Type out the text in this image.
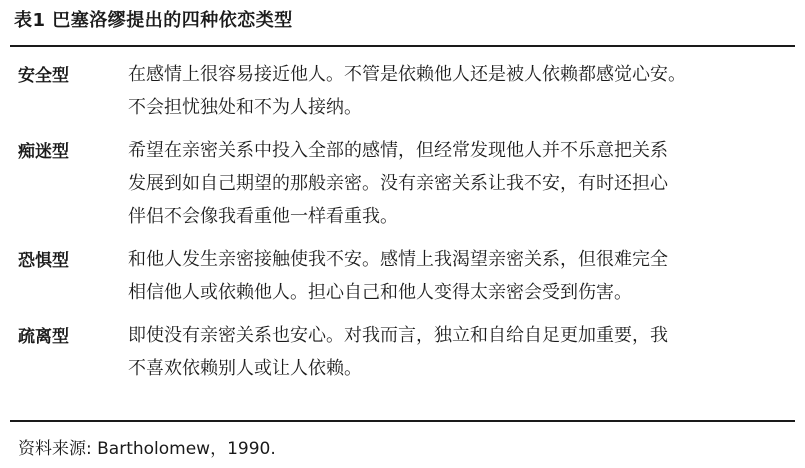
表1 巴塞洛缪提出的四种依恋类型
安全型	在感情上很容易接近他人。不管是依赖他人还是被人依赖都感觉心安。
不会担忧独处和不为人接纳。
痴迷型	希望在亲密关系中投入全部的感情，但经常发现他人并不乐意把关系
发展到如自己期望的那般亲密。没有亲密关系让我不安，有时还担心
伴侣不会像我看重他一样看重我。
恐惧型	和他人发生亲密接触使我不安。感情上我渴望亲密关系，但很难完全
相信他人或依赖他人。担心自己和他人变得太亲密会受到伤害。
疏离型	即使没有亲密关系也安心。对我而言，独立和自给自足更加重要，我
不喜欢依赖别人或让人依赖。
资料来源: Bartholomew，1990.
